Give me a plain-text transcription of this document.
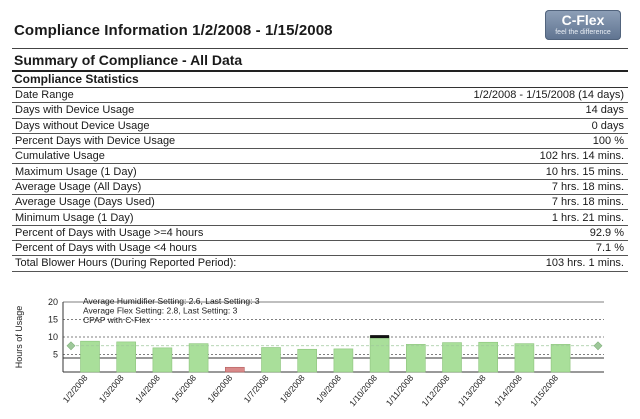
Compliance Information 1/2/2008 - 1/15/2008
C-Flex
feel the difference
Summary of Compliance - All Data
Compliance Statistics
Date Range	1/2/2008 - 1/15/2008 (14 days)
Days with Device Usage	14 days
Days without Device Usage	0 days
Percent Days with Device Usage	100 %
Cumulative Usage	102 hrs. 14 mins.
Maximum Usage (1 Day)	10 hrs. 15 mins.
Average Usage (All Days)	7 hrs. 18 mins.
Average Usage (Days Used)	7 hrs. 18 mins.
Minimum Usage (1 Day)	1 hrs. 21 mins.
Percent of Days with Usage >=4 hours	92.9 %
Percent of Days with Usage <4 hours	7.1 %
Total Blower Hours (During Reported Period):	103 hrs. 1 mins.
Hours of Usage	5
10
15
20
1/2/2008 1/3/2008 1/4/2008 1/5/2008 1/6/2008 1/7/2008 1/8/2008 1/9/2008 1/10/2008 1/11/2008 1/12/2008 1/13/2008 1/14/2008 1/15/2008
Average Humidifier Setting: 2.6, Last Setting: 3
Average Flex Setting: 2.8, Last Setting: 3
CPAP with C-Flex
